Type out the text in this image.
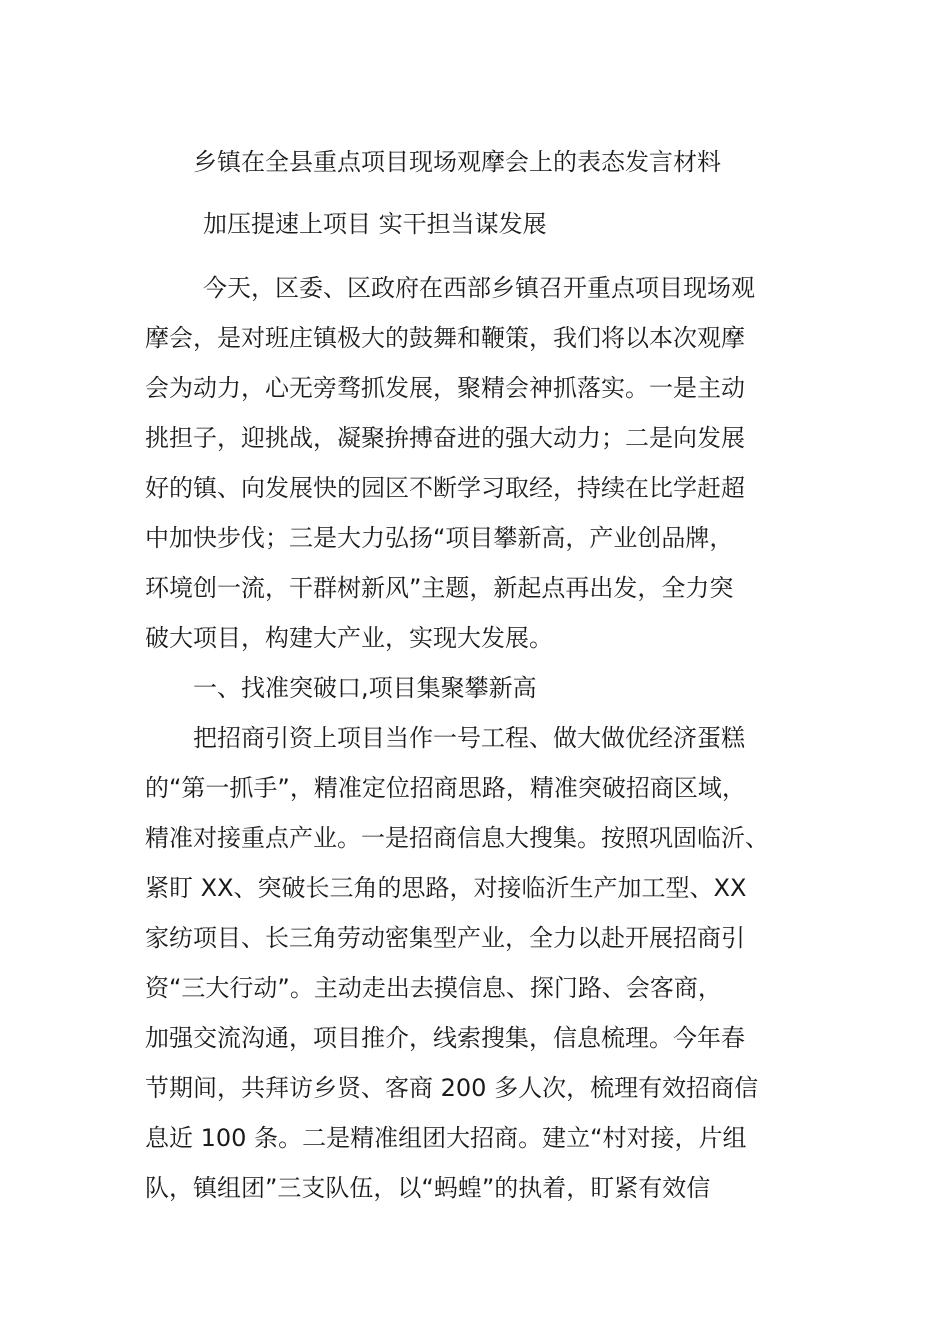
乡镇在全县重点项目现场观摩会上的表态发言材料
加压提速上项目 实干担当谋发展
今天，区委、区政府在西部乡镇召开重点项目现场观
摩会，是对班庄镇极大的鼓舞和鞭策，我们将以本次观摩
会为动力，心无旁骛抓发展，聚精会神抓落实。一是主动
挑担子，迎挑战，凝聚拚搏奋进的强大动力；二是向发展
好的镇、向发展快的园区不断学习取经，持续在比学赶超
中加快步伐；三是大力弘扬“项目攀新高，产业创品牌，
环境创一流，干群树新风”主题，新起点再出发，全力突
破大项目，构建大产业，实现大发展。
一、找准突破口,项目集聚攀新高
把招商引资上项目当作一号工程、做大做优经济蛋糕
的“第一抓手”，精准定位招商思路，精准突破招商区域，
精准对接重点产业。一是招商信息大搜集。按照巩固临沂、
紧盯 XX、突破长三角的思路，对接临沂生产加工型、XX
家纺项目、长三角劳动密集型产业，全力以赴开展招商引
资“三大行动”。主动走出去摸信息、探门路、会客商，
加强交流沟通，项目推介，线索搜集，信息梳理。今年春
节期间，共拜访乡贤、客商 200 多人次，梳理有效招商信
息近 100 条。二是精准组团大招商。建立“村对接，片组
队，镇组团”三支队伍，以“蚂蝗”的执着，盯紧有效信
